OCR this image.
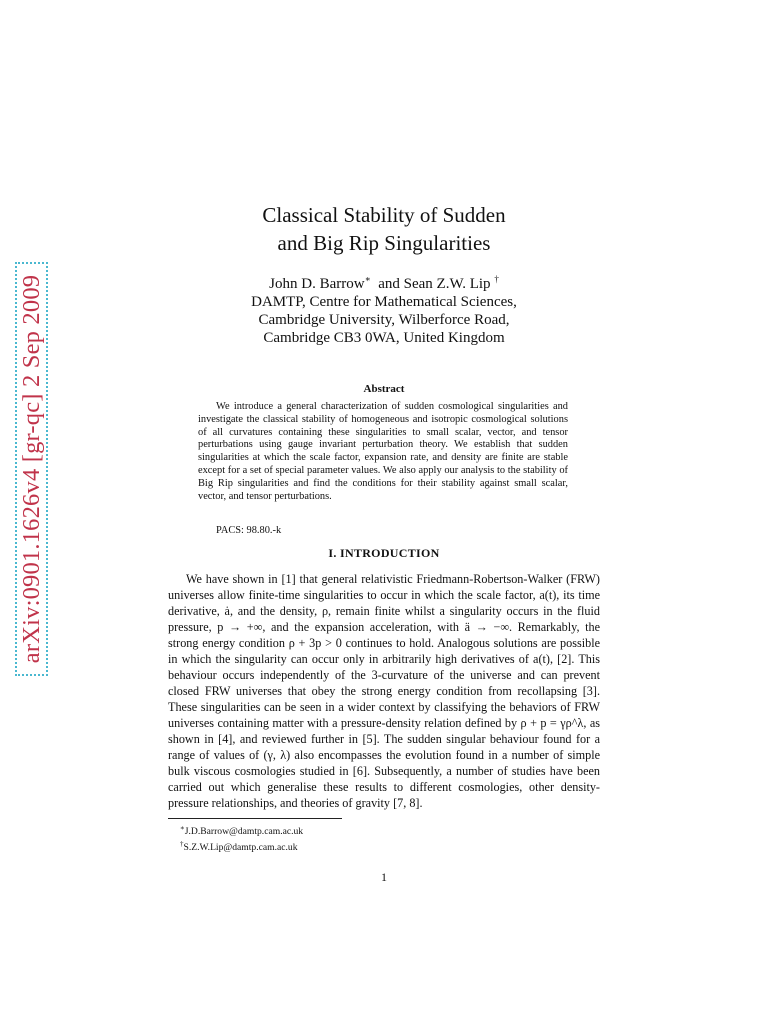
arXiv:0901.1626v4 [gr-qc] 2 Sep 2009
Classical Stability of Sudden
and Big Rip Singularities
John D. Barrow∗ and Sean Z.W. Lip †
DAMTP, Centre for Mathematical Sciences,
Cambridge University, Wilberforce Road,
Cambridge CB3 0WA, United Kingdom
Abstract

We introduce a general characterization of sudden cosmological singularities and investigate the classical stability of homogeneous and isotropic cosmological solutions of all curvatures containing these singularities to small scalar, vector, and tensor perturbations using gauge invariant perturbation theory. We establish that sudden singularities at which the scale factor, expansion rate, and density are finite are stable except for a set of special parameter values. We also apply our analysis to the stability of Big Rip singularities and find the conditions for their stability against small scalar, vector, and tensor perturbations.

PACS: 98.80.-k
I. INTRODUCTION

We have shown in [1] that general relativistic Friedmann-Robertson-Walker (FRW) universes allow finite-time singularities to occur in which the scale factor, a(t), its time derivative, ȧ, and the density, ρ, remain finite whilst a singularity occurs in the fluid pressure, p → +∞, and the expansion acceleration, with ä → −∞. Remarkably, the strong energy condition ρ + 3p > 0 continues to hold. Analogous solutions are possible in which the singularity can occur only in arbitrarily high derivatives of a(t), [2]. This behaviour occurs independently of the 3-curvature of the universe and can prevent closed FRW universes that obey the strong energy condition from recollapsing [3]. These singularities can be seen in a wider context by classifying the behaviors of FRW universes containing matter with a pressure-density relation defined by ρ + p = γρ^λ, as shown in [4], and reviewed further in [5]. The sudden singular behaviour found for a range of values of (γ, λ) also encompasses the evolution found in a number of simple bulk viscous cosmologies studied in [6]. Subsequently, a number of studies have been carried out which generalise these results to different cosmologies, other density-pressure relationships, and theories of gravity [7, 8].

∗J.D.Barrow@damtp.cam.ac.uk
†S.Z.W.Lip@damtp.cam.ac.uk
1
